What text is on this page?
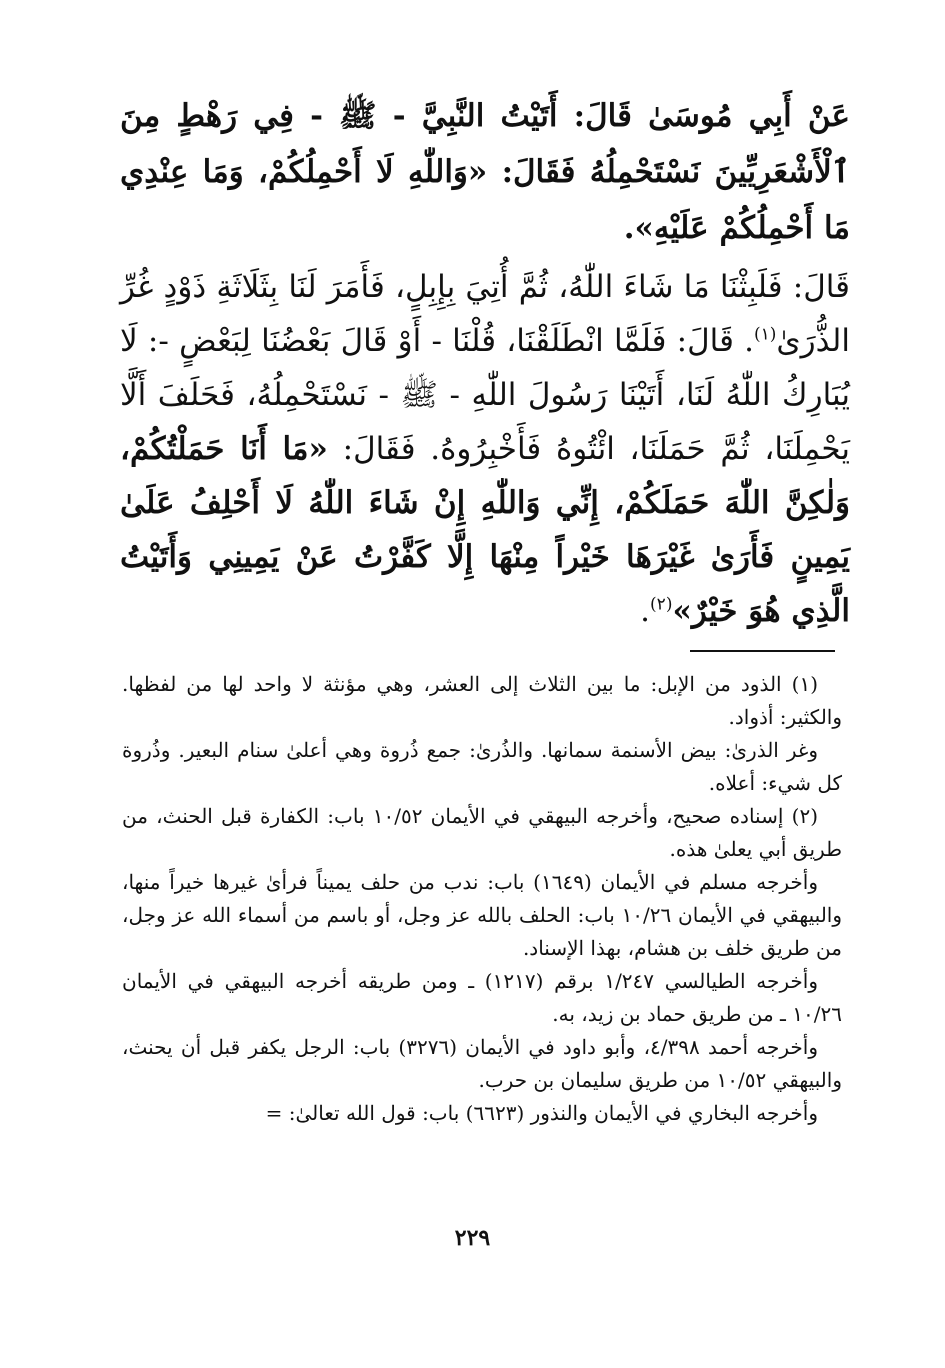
عَنْ أَبِي مُوسَىٰ قَالَ: أَتَيْتُ النَّبِيَّ - ﷺ - فِي رَهْطٍ مِنَ ٱلْأَشْعَرِيِّينَ نَسْتَحْمِلُهُ فَقَالَ: «وَاللّٰهِ لَا أَحْمِلُكُمْ، وَمَا عِنْدِي مَا أَحْمِلُكُمْ عَلَيْهِ».

قَالَ: فَلَبِثْنَا مَا شَاءَ اللّٰهُ، ثُمَّ أُتِيَ بِإِبِلٍ، فَأَمَرَ لَنَا بِثَلَاثَةِ ذَوْدٍ غُرِّ الذُّرَىٰ$^{(١)}$. قَالَ: فَلَمَّا انْطَلَقْنَا، قُلْنَا - أَوْ قَالَ بَعْضُنَا لِبَعْضٍ -: لَا يُبَارِكُ اللّٰهُ لَنَا، أَتَيْنَا رَسُولَ اللّٰهِ - ﷺ - نَسْتَحْمِلُهُ، فَحَلَفَ أَلَّا يَحْمِلَنَا، ثُمَّ حَمَلَنَا، ائْتُوهُ فَأَخْبِرُوهُ. فَقَالَ: «مَا أَنَا حَمَلْتُكُمْ، وَلٰكِنَّ اللّٰهَ حَمَلَكُمْ، إِنِّي وَاللّٰهِ إِنْ شَاءَ اللّٰهُ لَا أَحْلِفُ عَلَىٰ يَمِينٍ فَأَرَىٰ غَيْرَهَا خَيْراً مِنْهَا إِلَّا كَفَّرْتُ عَنْ يَمِينِي وَأَتَيْتُ الَّذِي هُوَ خَيْرٌ»$^{(٢)}$.

(١) الذود من الإبل: ما بين الثلاث إلى العشر، وهي مؤنثة لا واحد لها من لفظها. والكثير: أذواد.

وغر الذرىٰ: بيض الأسنمة سمانها. والذُرىٰ: جمع ذُروة وهي أعلىٰ سنام البعير. وذُروة كل شيء: أعلاه.

(٢) إسناده صحيح، وأخرجه البيهقي في الأيمان ١٠/٥٢ باب: الكفارة قبل الحنث، من طريق أبي يعلىٰ هذه.

وأخرجه مسلم في الأيمان (١٦٤٩) باب: ندب من حلف يميناً فرأىٰ غيرها خيراً منها، والبيهقي في الأيمان ١٠/٢٦ باب: الحلف بالله عز وجل، أو باسم من أسماء الله عز وجل، من طريق خلف بن هشام، بهذا الإسناد.

وأخرجه الطيالسي ١/٢٤٧ برقم (١٢١٧) ـ ومن طريقه أخرجه البيهقي في الأيمان ١٠/٢٦ ـ من طريق حماد بن زيد، به.

وأخرجه أحمد ٤/٣٩٨، وأبو داود في الأيمان (٣٢٧٦) باب: الرجل يكفر قبل أن يحنث، والبيهقي ١٠/٥٢ من طريق سليمان بن حرب.

وأخرجه البخاري في الأيمان والنذور (٦٦٢٣) باب: قول الله تعالىٰ: =

٢٢٩
